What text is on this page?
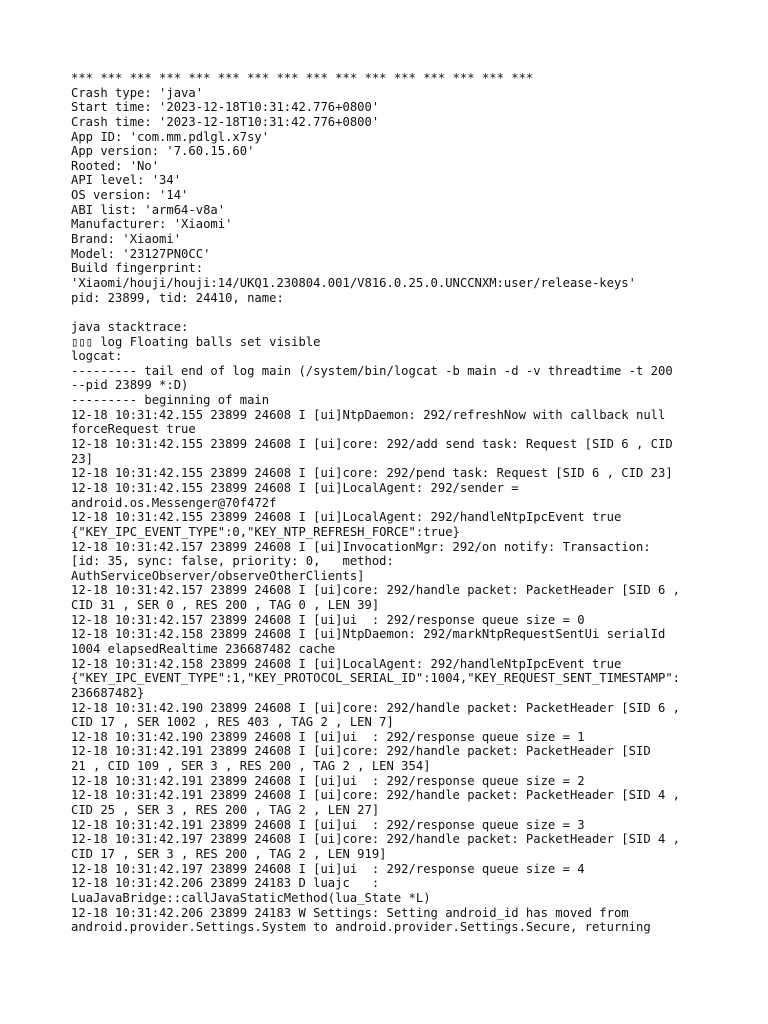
*** *** *** *** *** *** *** *** *** *** *** *** *** *** *** ***
Crash type: 'java'
Start time: '2023-12-18T10:31:42.776+0800'
Crash time: '2023-12-18T10:31:42.776+0800'
App ID: 'com.mm.pdlgl.x7sy'
App version: '7.60.15.60'
Rooted: 'No'
API level: '34'
OS version: '14'
ABI list: 'arm64-v8a'
Manufacturer: 'Xiaomi'
Brand: 'Xiaomi'
Model: '23127PN0CC'
Build fingerprint:
'Xiaomi/houji/houji:14/UKQ1.230804.001/V816.0.25.0.UNCCNXM:user/release-keys'
pid: 23899, tid: 24410, name:
java stacktrace:
▯▯▯ log Floating balls set visible
logcat:
--------- tail end of log main (/system/bin/logcat -b main -d -v threadtime -t 200
--pid 23899 *:D)
--------- beginning of main
12-18 10:31:42.155 23899 24608 I [ui]NtpDaemon: 292/refreshNow with callback null
forceRequest true
12-18 10:31:42.155 23899 24608 I [ui]core: 292/add send task: Request [SID 6 , CID
23]
12-18 10:31:42.155 23899 24608 I [ui]core: 292/pend task: Request [SID 6 , CID 23]
12-18 10:31:42.155 23899 24608 I [ui]LocalAgent: 292/sender =
android.os.Messenger@70f472f
12-18 10:31:42.155 23899 24608 I [ui]LocalAgent: 292/handleNtpIpcEvent true
{"KEY_IPC_EVENT_TYPE":0,"KEY_NTP_REFRESH_FORCE":true}
12-18 10:31:42.157 23899 24608 I [ui]InvocationMgr: 292/on notify: Transaction:
[id: 35, sync: false, priority: 0,   method:
AuthServiceObserver/observeOtherClients]
12-18 10:31:42.157 23899 24608 I [ui]core: 292/handle packet: PacketHeader [SID 6 ,
CID 31 , SER 0 , RES 200 , TAG 0 , LEN 39]
12-18 10:31:42.157 23899 24608 I [ui]ui  : 292/response queue size = 0
12-18 10:31:42.158 23899 24608 I [ui]NtpDaemon: 292/markNtpRequestSentUi serialId
1004 elapsedRealtime 236687482 cache
12-18 10:31:42.158 23899 24608 I [ui]LocalAgent: 292/handleNtpIpcEvent true
{"KEY_IPC_EVENT_TYPE":1,"KEY_PROTOCOL_SERIAL_ID":1004,"KEY_REQUEST_SENT_TIMESTAMP":
236687482}
12-18 10:31:42.190 23899 24608 I [ui]core: 292/handle packet: PacketHeader [SID 6 ,
CID 17 , SER 1002 , RES 403 , TAG 2 , LEN 7]
12-18 10:31:42.190 23899 24608 I [ui]ui  : 292/response queue size = 1
12-18 10:31:42.191 23899 24608 I [ui]core: 292/handle packet: PacketHeader [SID
21 , CID 109 , SER 3 , RES 200 , TAG 2 , LEN 354]
12-18 10:31:42.191 23899 24608 I [ui]ui  : 292/response queue size = 2
12-18 10:31:42.191 23899 24608 I [ui]core: 292/handle packet: PacketHeader [SID 4 ,
CID 25 , SER 3 , RES 200 , TAG 2 , LEN 27]
12-18 10:31:42.191 23899 24608 I [ui]ui  : 292/response queue size = 3
12-18 10:31:42.197 23899 24608 I [ui]core: 292/handle packet: PacketHeader [SID 4 ,
CID 17 , SER 3 , RES 200 , TAG 2 , LEN 919]
12-18 10:31:42.197 23899 24608 I [ui]ui  : 292/response queue size = 4
12-18 10:31:42.206 23899 24183 D luajc   :
LuaJavaBridge::callJavaStaticMethod(lua_State *L)
12-18 10:31:42.206 23899 24183 W Settings: Setting android_id has moved from
android.provider.Settings.System to android.provider.Settings.Secure, returning
